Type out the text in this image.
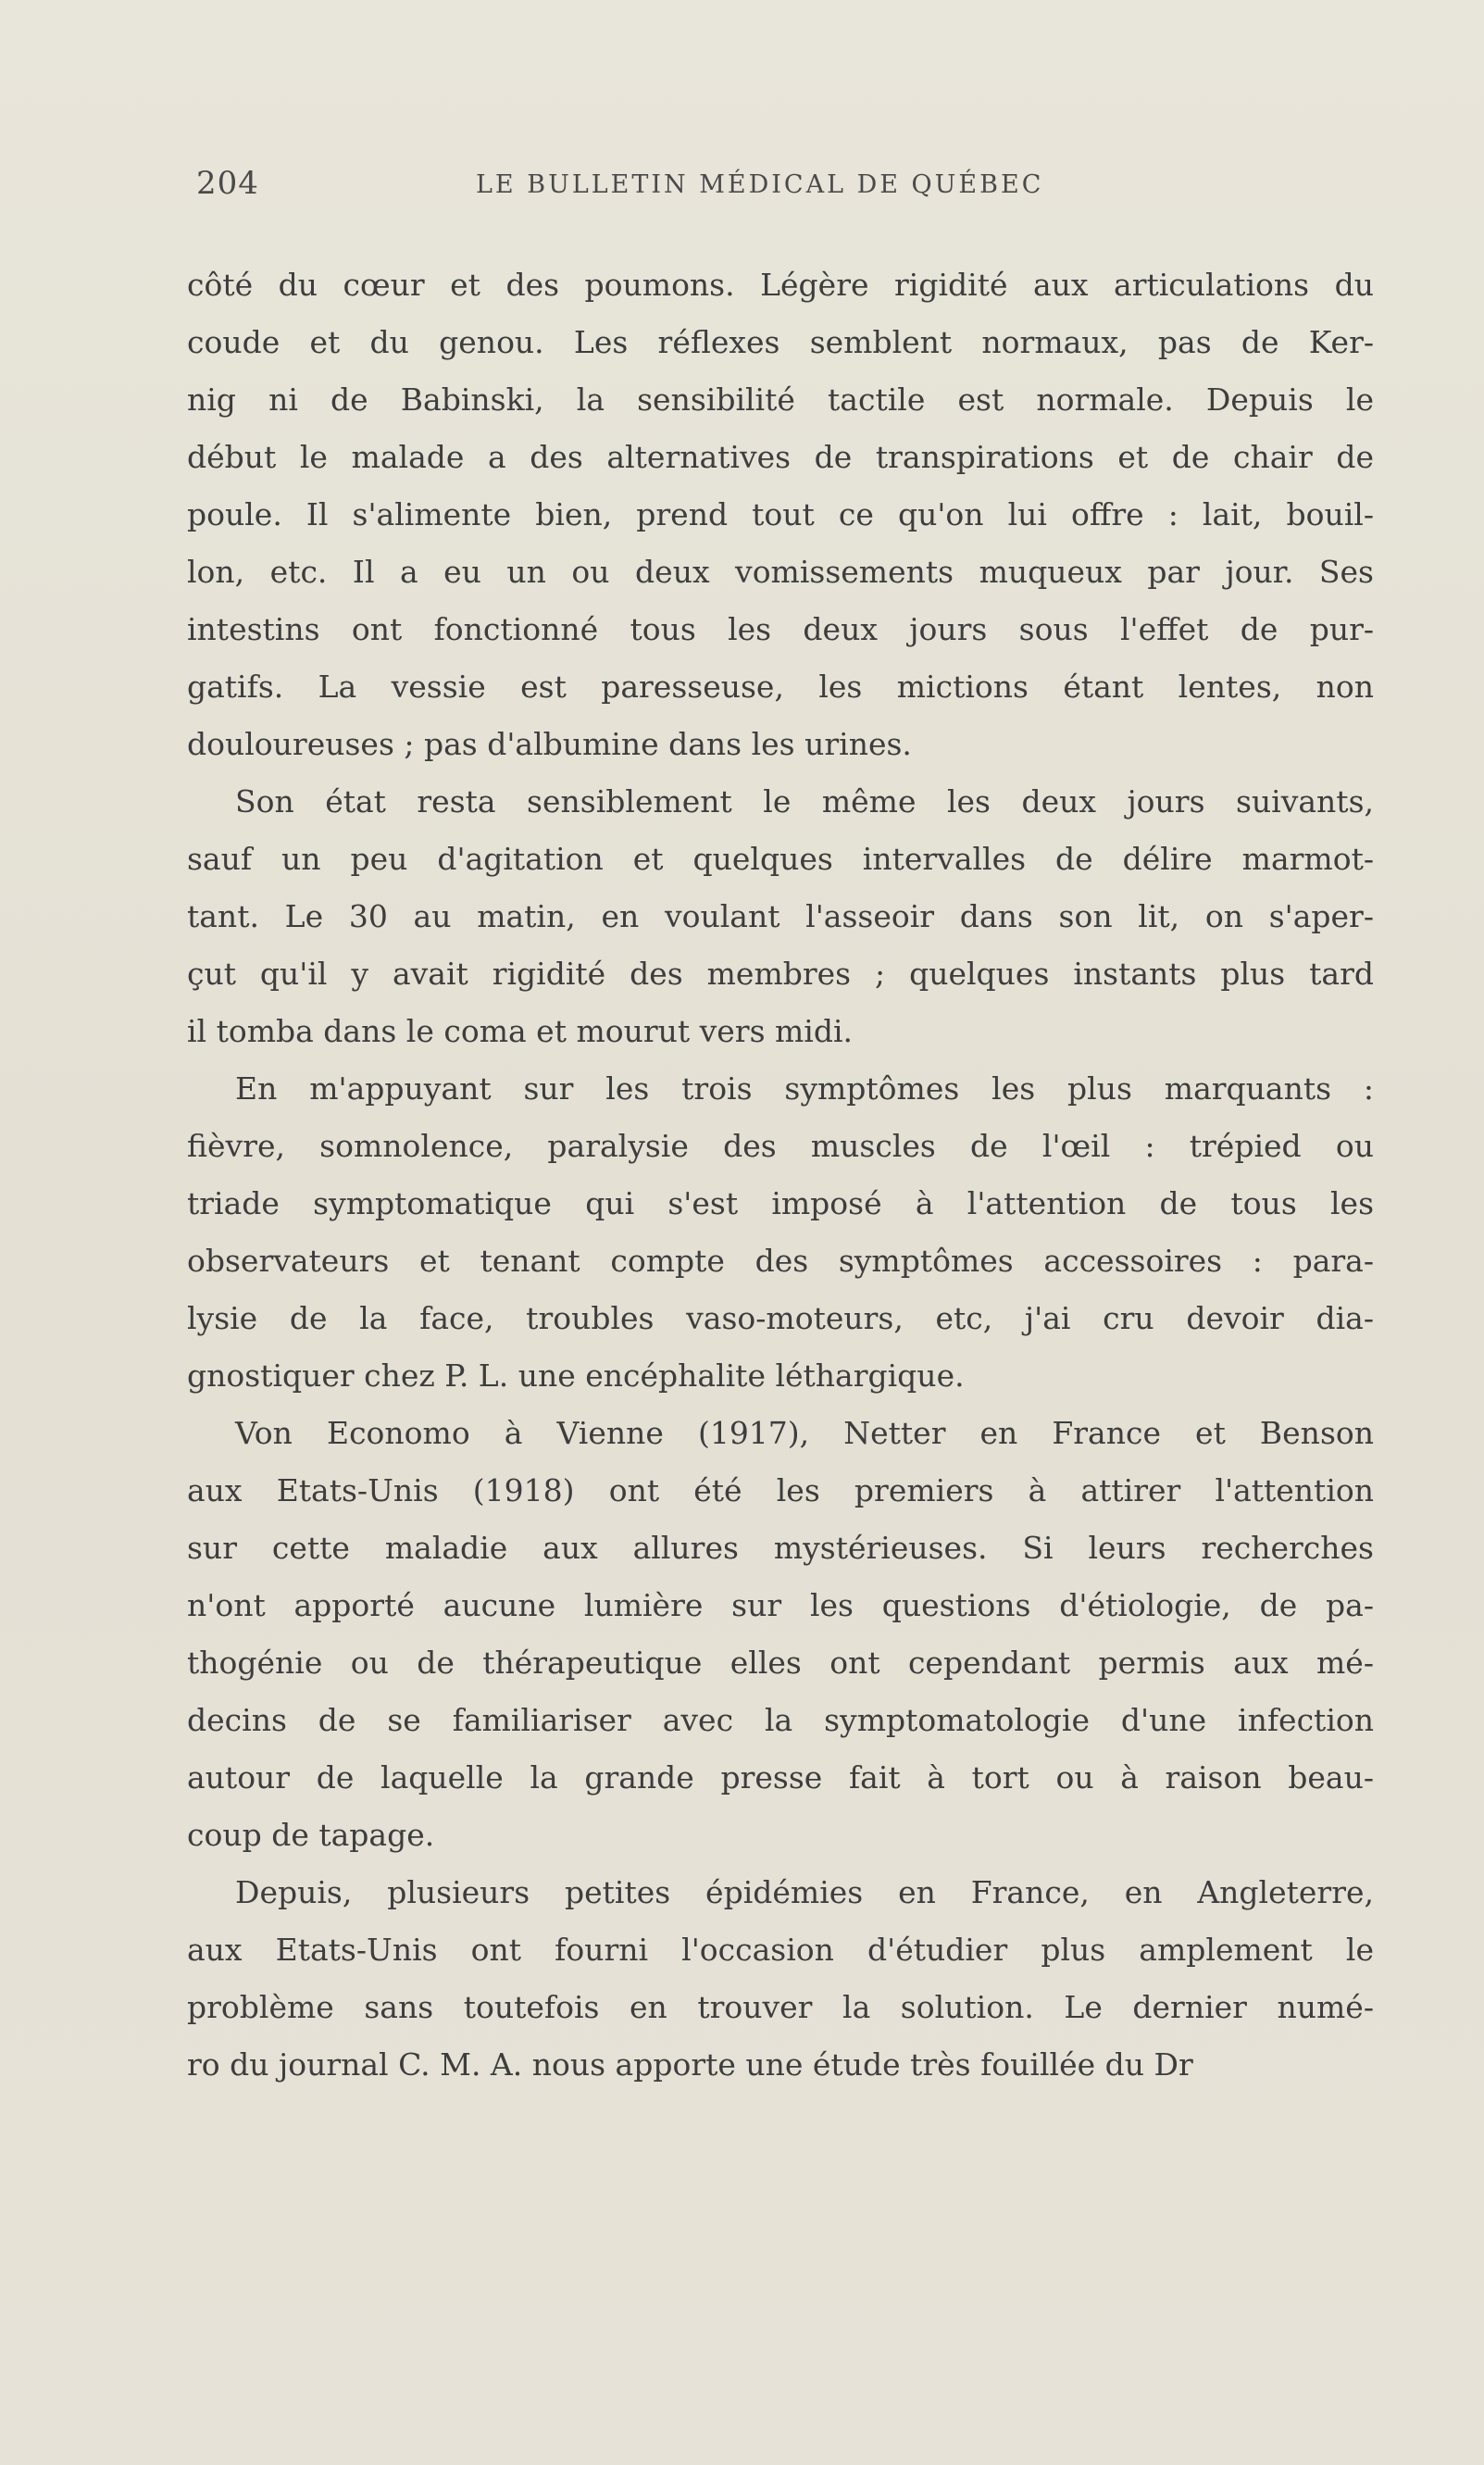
204	LE BULLETIN MÉDICAL DE QUÉBEC
côté du cœur et des poumons. Légère rigidité aux articulations du
coude et du genou. Les réflexes semblent normaux, pas de Ker-
nig ni de Babinski, la sensibilité tactile est normale. Depuis le
début le malade a des alternatives de transpirations et de chair de
poule. Il s'alimente bien, prend tout ce qu'on lui offre : lait, bouil-
lon, etc. Il a eu un ou deux vomissements muqueux par jour. Ses
intestins ont fonctionné tous les deux jours sous l'effet de pur-
gatifs. La vessie est paresseuse, les mictions étant lentes, non
douloureuses ; pas d'albumine dans les urines.
Son état resta sensiblement le même les deux jours suivants,
sauf un peu d'agitation et quelques intervalles de délire marmot-
tant. Le 30 au matin, en voulant l'asseoir dans son lit, on s'aper-
çut qu'il y avait rigidité des membres ; quelques instants plus tard
il tomba dans le coma et mourut vers midi.
En m'appuyant sur les trois symptômes les plus marquants :
fièvre, somnolence, paralysie des muscles de l'œil : trépied ou
triade symptomatique qui s'est imposé à l'attention de tous les
observateurs et tenant compte des symptômes accessoires : para-
lysie de la face, troubles vaso-moteurs, etc, j'ai cru devoir dia-
gnostiquer chez P. L. une encéphalite léthargique.
Von Economo à Vienne (1917), Netter en France et Benson
aux Etats-Unis (1918) ont été les premiers à attirer l'attention
sur cette maladie aux allures mystérieuses. Si leurs recherches
n'ont apporté aucune lumière sur les questions d'étiologie, de pa-
thogénie ou de thérapeutique elles ont cependant permis aux mé-
decins de se familiariser avec la symptomatologie d'une infection
autour de laquelle la grande presse fait à tort ou à raison beau-
coup de tapage.
Depuis, plusieurs petites épidémies en France, en Angleterre,
aux Etats-Unis ont fourni l'occasion d'étudier plus amplement le
problème sans toutefois en trouver la solution. Le dernier numé-
ro du journal C. M. A. nous apporte une étude très fouillée du Dr
